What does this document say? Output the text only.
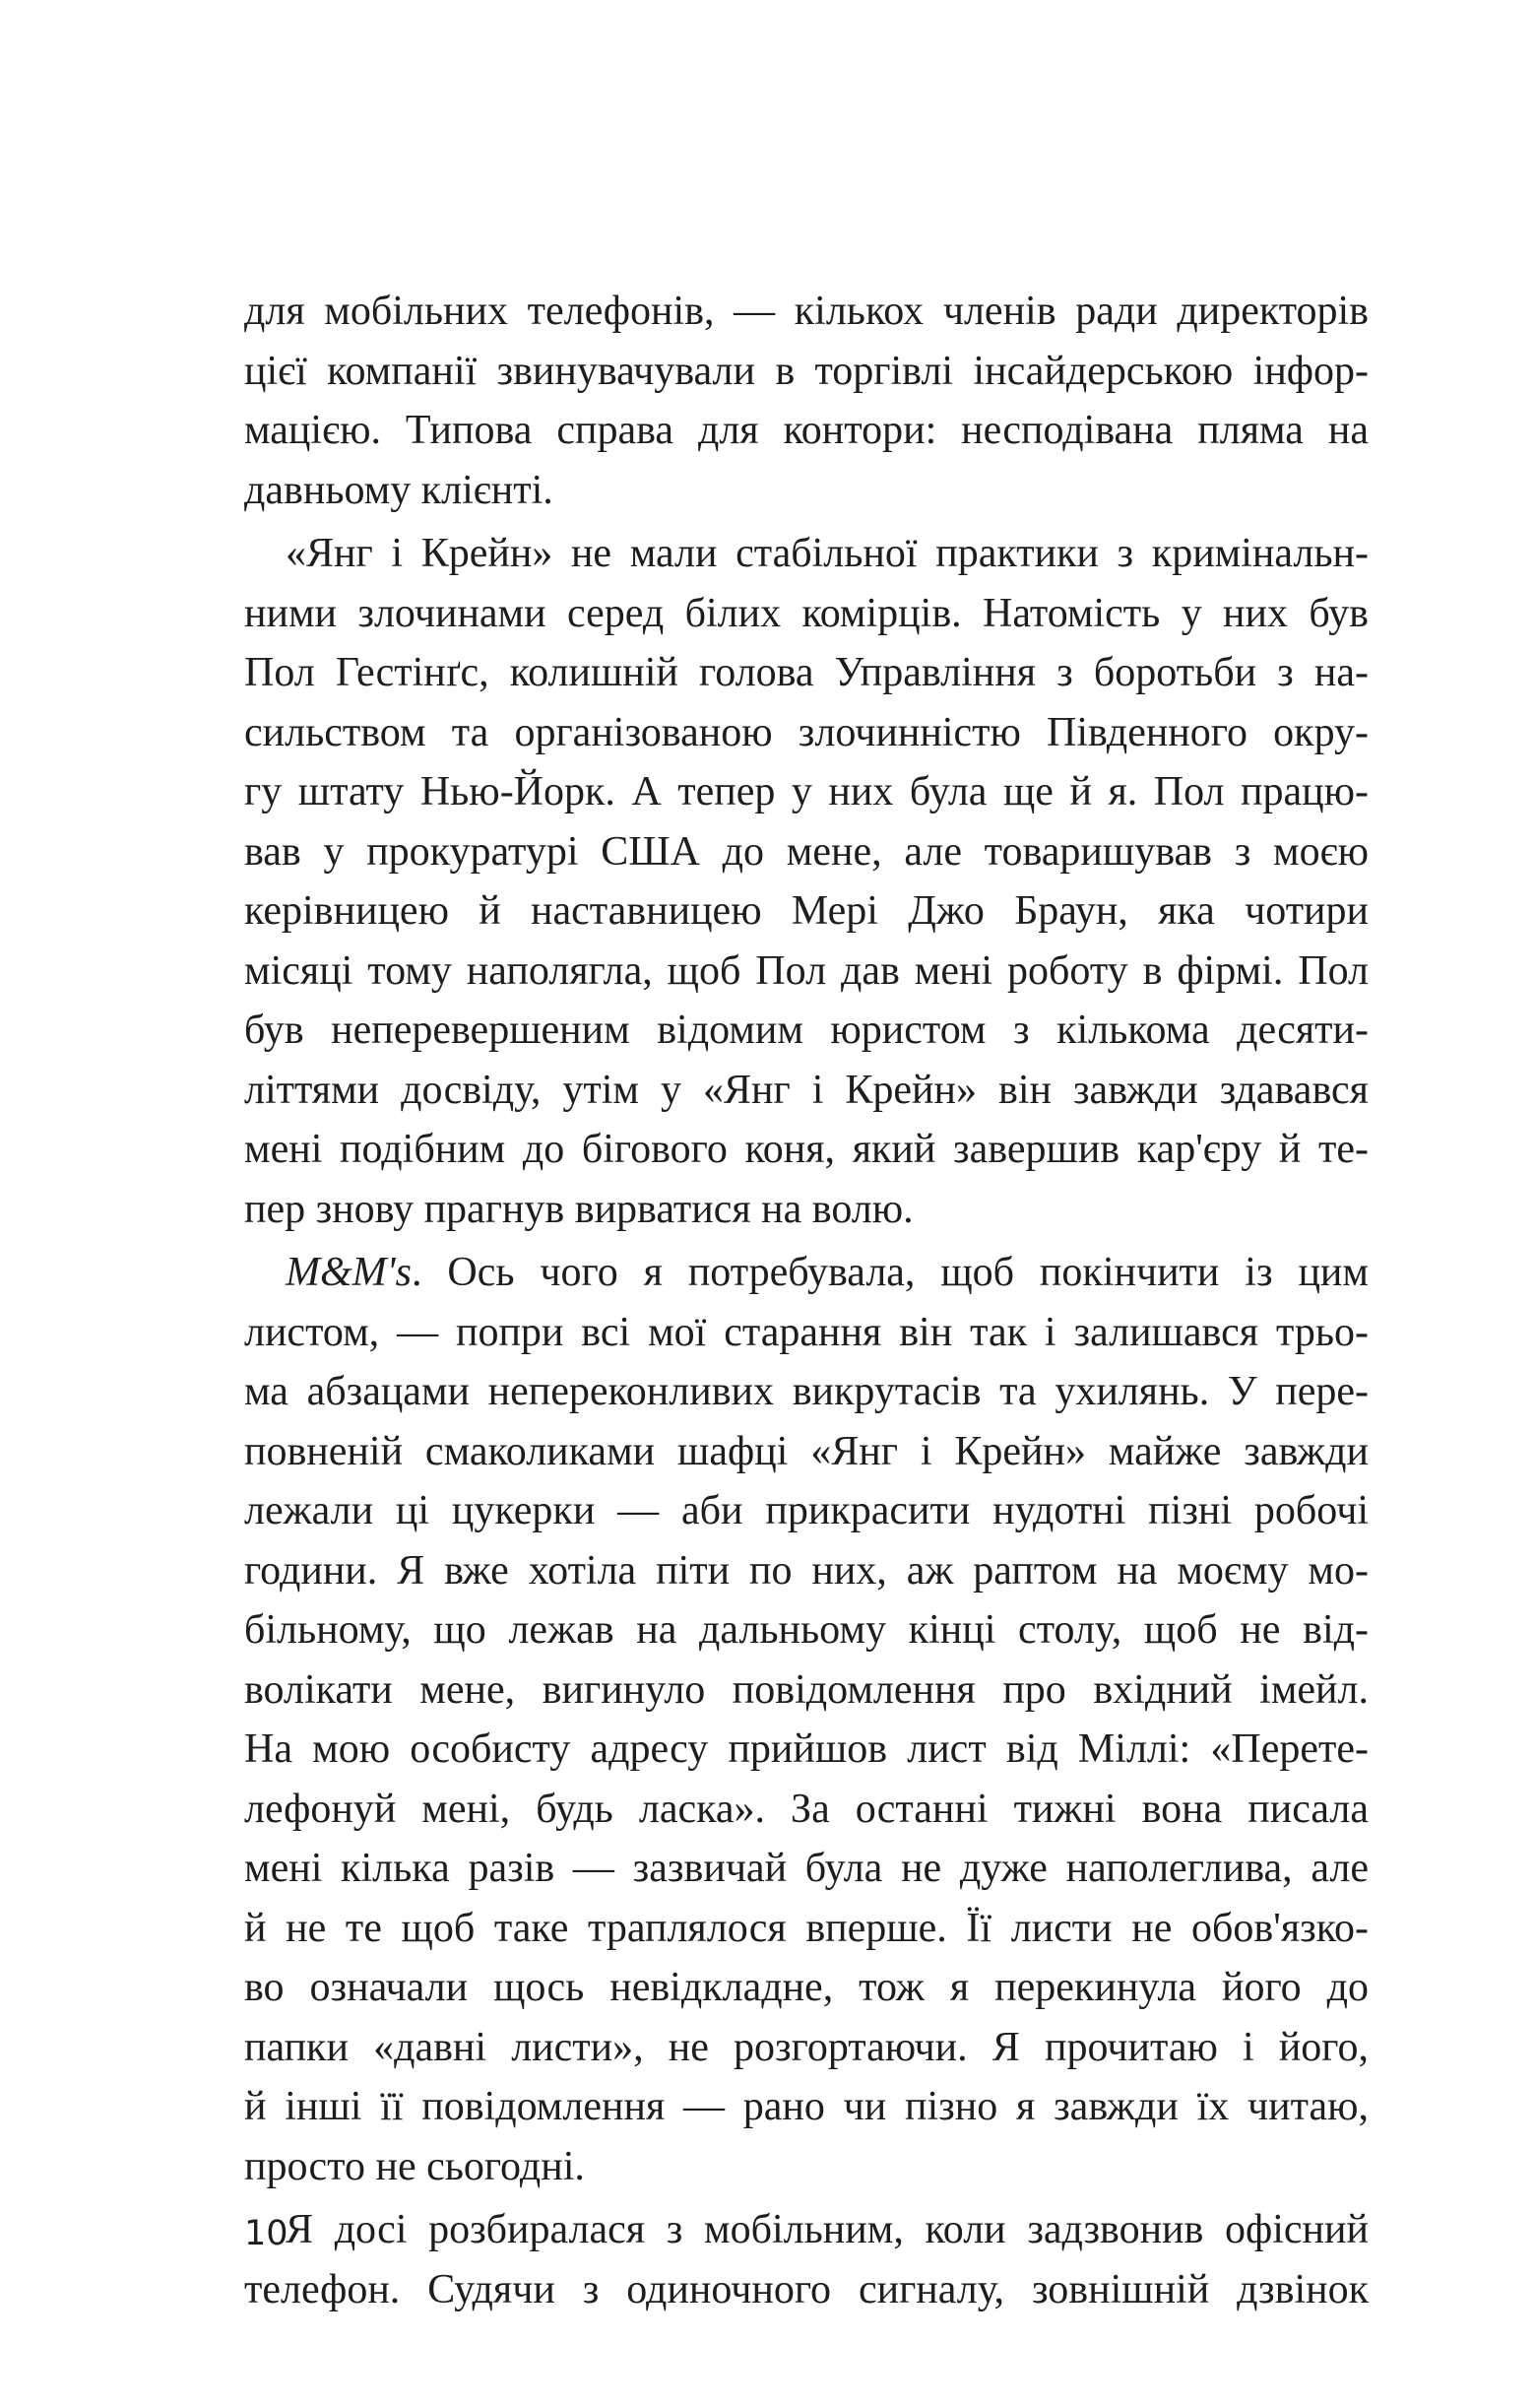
для мобільних телефонів, — кількох членів ради директорів
цієї компанії звинувачували в торгівлі інсайдерською інфор-
мацією. Типова справа для контори: несподівана пляма на
давньому клієнті.
«Янг і Крейн» не мали стабільної практики з кримінальн-
ними злочинами серед білих комірців. Натомість у них був
Пол Гестінґс, колишній голова Управління з боротьби з на-
сильством та організованою злочинністю Південного окру-
гу штату Нью-Йорк. А тепер у них була ще й я. Пол працю-
вав у прокуратурі США до мене, але товаришував з моєю
керівницею й наставницею Мері Джо Браун, яка чотири
місяці тому наполягла, щоб Пол дав мені роботу в фірмі. Пол
був неперевершеним відомим юристом з кількома десяти-
літтями досвіду, утім у «Янг і Крейн» він завжди здавався
мені подібним до бігового коня, який завершив кар'єру й те-
пер знову прагнув вирватися на волю.
M&M's. Ось чого я потребувала, щоб покінчити із цим
листом, — попри всі мої старання він так і залишався трьо-
ма абзацами непереконливих викрутасів та ухилянь. У пере-
повненій смаколиками шафці «Янг і Крейн» майже завжди
лежали ці цукерки — аби прикрасити нудотні пізні робочі
години. Я вже хотіла піти по них, аж раптом на моєму мо-
більному, що лежав на дальньому кінці столу, щоб не від-
волікати мене, вигинуло повідомлення про вхідний імейл.
На мою особисту адресу прийшов лист від Міллі: «Перете-
лефонуй мені, будь ласка». За останні тижні вона писала
мені кілька разів — зазвичай була не дуже наполеглива, але
й не те щоб таке траплялося вперше. Її листи не обов'язко-
во означали щось невідкладне, тож я перекинула його до
папки «давні листи», не розгортаючи. Я прочитаю і його,
й інші її повідомлення — рано чи пізно я завжди їх читаю,
просто не сьогодні.
Я досі розбиралася з мобільним, коли задзвонив офісний
телефон. Судячи з одиночного сигналу, зовнішній дзвінок
10
